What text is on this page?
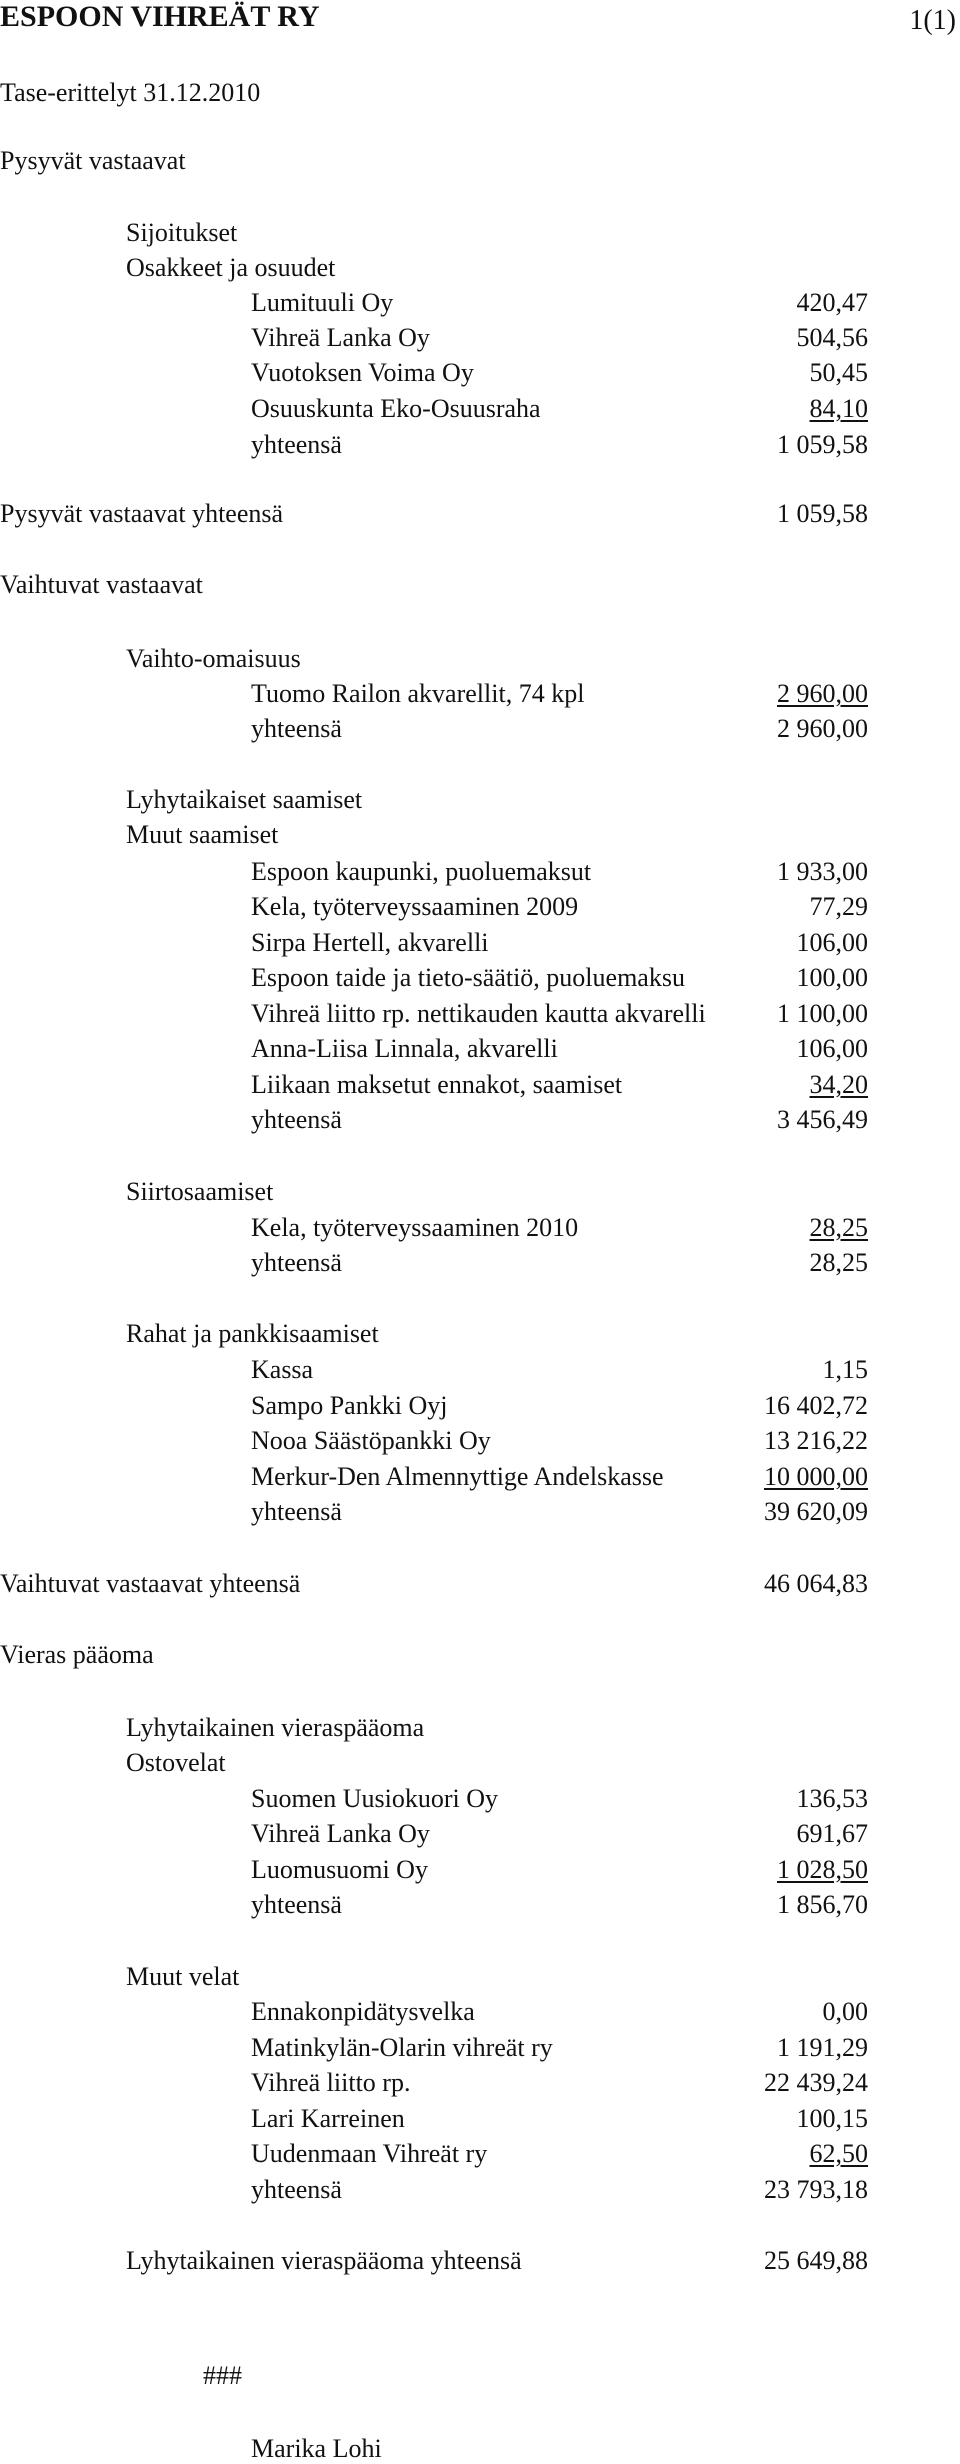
ESPOON VIHREÄT RY	1(1)
Tase-erittelyt 31.12.2010
Pysyvät vastaavat
Sijoitukset
Osakkeet ja osuudet
Lumituuli Oy	420,47
Vihreä Lanka Oy	504,56
Vuotoksen Voima Oy	50,45
Osuuskunta Eko-Osuusraha	84,10
yhteensä	1 059,58
Pysyvät vastaavat yhteensä	1 059,58
Vaihtuvat vastaavat
Vaihto-omaisuus
Tuomo Railon akvarellit, 74 kpl	2 960,00
yhteensä	2 960,00
Lyhytaikaiset saamiset
Muut saamiset
Espoon kaupunki, puoluemaksut	1 933,00
Kela, työterveyssaaminen 2009	77,29
Sirpa Hertell, akvarelli	106,00
Espoon taide ja tieto-säätiö, puoluemaksu	100,00
Vihreä liitto rp. nettikauden kautta akvarelli	1 100,00
Anna-Liisa Linnala, akvarelli	106,00
Liikaan maksetut ennakot, saamiset	34,20
yhteensä	3 456,49
Siirtosaamiset
Kela, työterveyssaaminen 2010	28,25
yhteensä	28,25
Rahat ja pankkisaamiset
Kassa	1,15
Sampo Pankki Oyj	16 402,72
Nooa Säästöpankki Oy	13 216,22
Merkur-Den Almennyttige Andelskasse	10 000,00
yhteensä	39 620,09
Vaihtuvat vastaavat yhteensä	46 064,83
Vieras pääoma
Lyhytaikainen vieraspääoma
Ostovelat
Suomen Uusiokuori Oy	136,53
Vihreä Lanka Oy	691,67
Luomusuomi Oy	1 028,50
yhteensä	1 856,70
Muut velat
Ennakonpidätysvelka	0,00
Matinkylän-Olarin vihreät ry	1 191,29
Vihreä liitto rp.	22 439,24
Lari Karreinen	100,15
Uudenmaan Vihreät ry	62,50
yhteensä	23 793,18
Lyhytaikainen vieraspääoma yhteensä	25 649,88
###
Marika Lohi
